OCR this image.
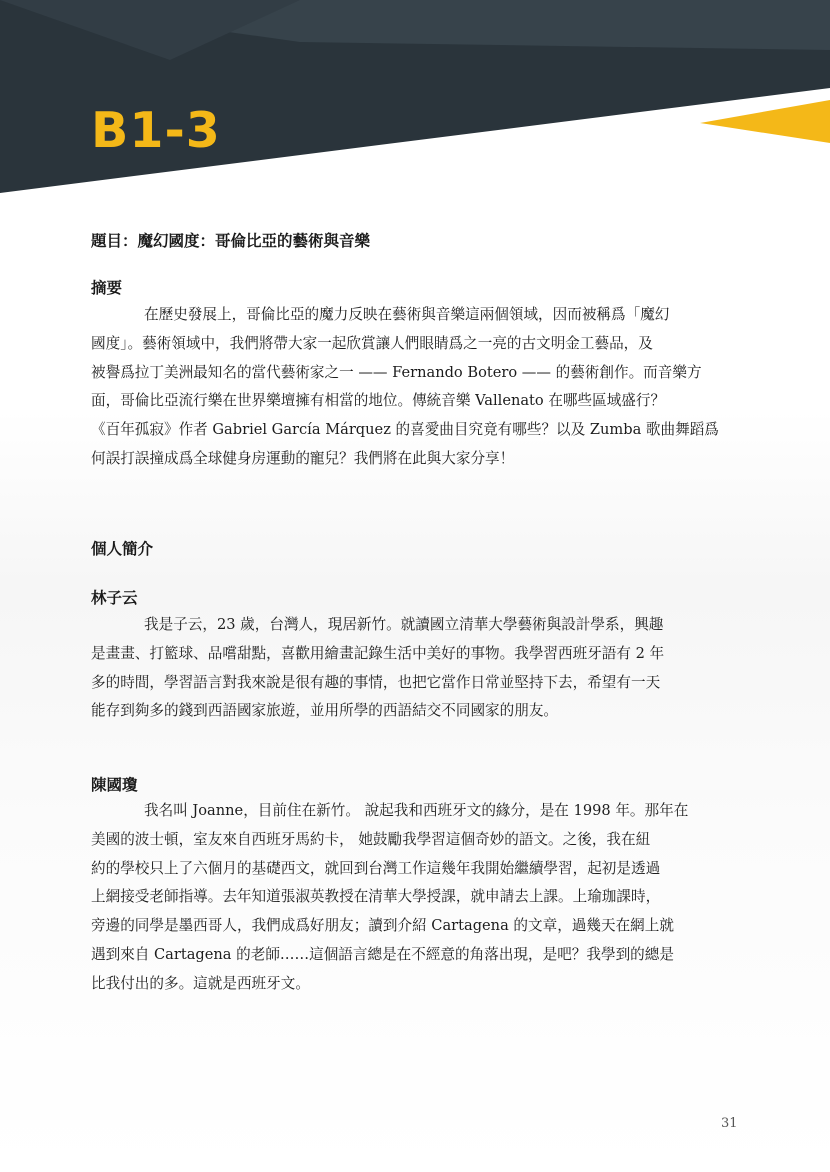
B1-3
題目：魔幻國度：哥倫比亞的藝術與音樂
摘要
在歷史發展上，哥倫比亞的魔力反映在藝術與音樂這兩個領域，因而被稱爲「魔幻
國度」。藝術領域中，我們將帶大家一起欣賞讓人們眼睛爲之一亮的古文明金工藝品，及
被譽爲拉丁美洲最知名的當代藝術家之一 —— Fernando Botero —— 的藝術創作。而音樂方
面，哥倫比亞流行樂在世界樂壇擁有相當的地位。傳統音樂 Vallenato 在哪些區域盛行？
《百年孤寂》作者 Gabriel García Márquez 的喜愛曲目究竟有哪些？以及 Zumba 歌曲舞蹈爲
何誤打誤撞成爲全球健身房運動的寵兒？我們將在此與大家分享！
個人簡介
林子云
我是子云，23 歲，台灣人，現居新竹。就讀國立清華大學藝術與設計學系，興趣
是畫畫、打籃球、品嚐甜點，喜歡用繪畫記錄生活中美好的事物。我學習西班牙語有 2 年
多的時間，學習語言對我來說是很有趣的事情，也把它當作日常並堅持下去，希望有一天
能存到夠多的錢到西語國家旅遊，並用所學的西語結交不同國家的朋友。
陳國瓊
我名叫 Joanne，目前住在新竹。 說起我和西班牙文的緣分，是在 1998 年。那年在
美國的波士頓，室友來自西班牙馬約卡， 她鼓勵我學習這個奇妙的語文。之後，我在紐
約的學校只上了六個月的基礎西文，就回到台灣工作這幾年我開始繼續學習，起初是透過
上網接受老師指導。去年知道張淑英教授在清華大學授課，就申請去上課。上瑜珈課時，
旁邊的同學是墨西哥人，我們成爲好朋友；讀到介紹 Cartagena 的文章，過幾天在網上就
遇到來自 Cartagena 的老師……這個語言總是在不經意的角落出現，是吧？我學到的總是
比我付出的多。這就是西班牙文。
31
